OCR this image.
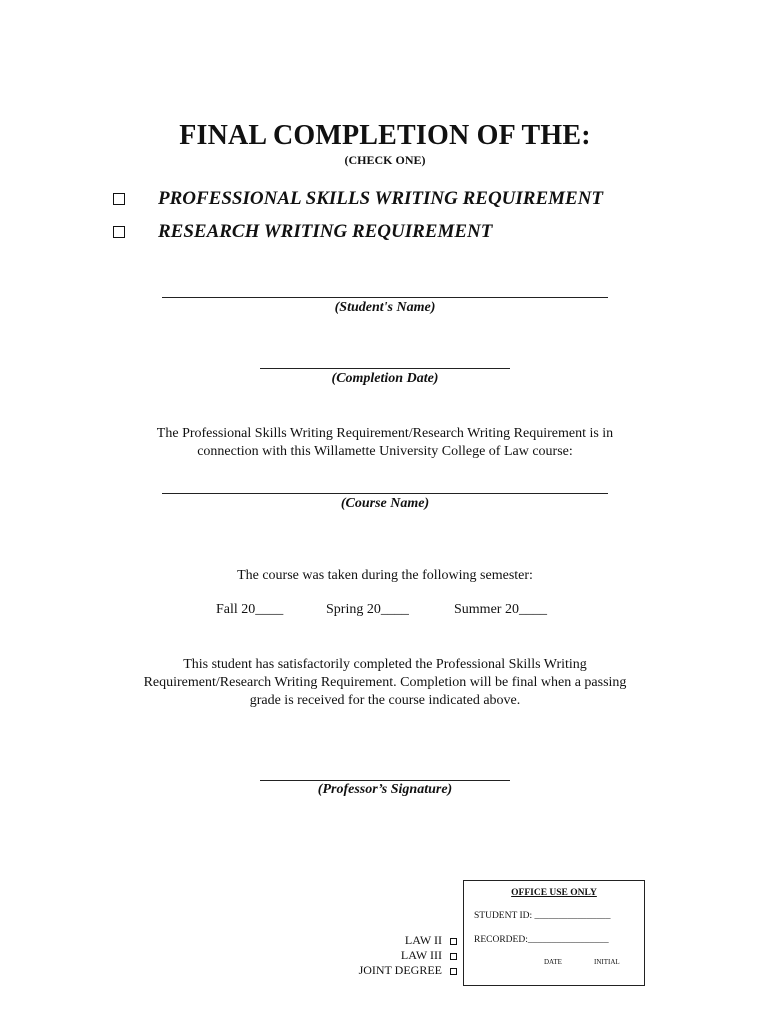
FINAL COMPLETION OF THE:
(CHECK ONE)
PROFESSIONAL SKILLS WRITING REQUIREMENT
RESEARCH WRITING REQUIREMENT
(Student's Name)
(Completion Date)
The Professional Skills Writing Requirement/Research Writing Requirement is in
connection with this Willamette University College of Law course:
(Course Name)
The course was taken during the following semester:
Fall 20____	Spring 20____	Summer 20____
This student has satisfactorily completed the Professional Skills Writing
Requirement/Research Writing Requirement. Completion will be final when a passing
grade is received for the course indicated above.
(Professor’s Signature)
LAW II
LAW III
JOINT DEGREE
OFFICE USE ONLY
STUDENT ID: ________________
RECORDED:_________________
DATE	INITIAL
